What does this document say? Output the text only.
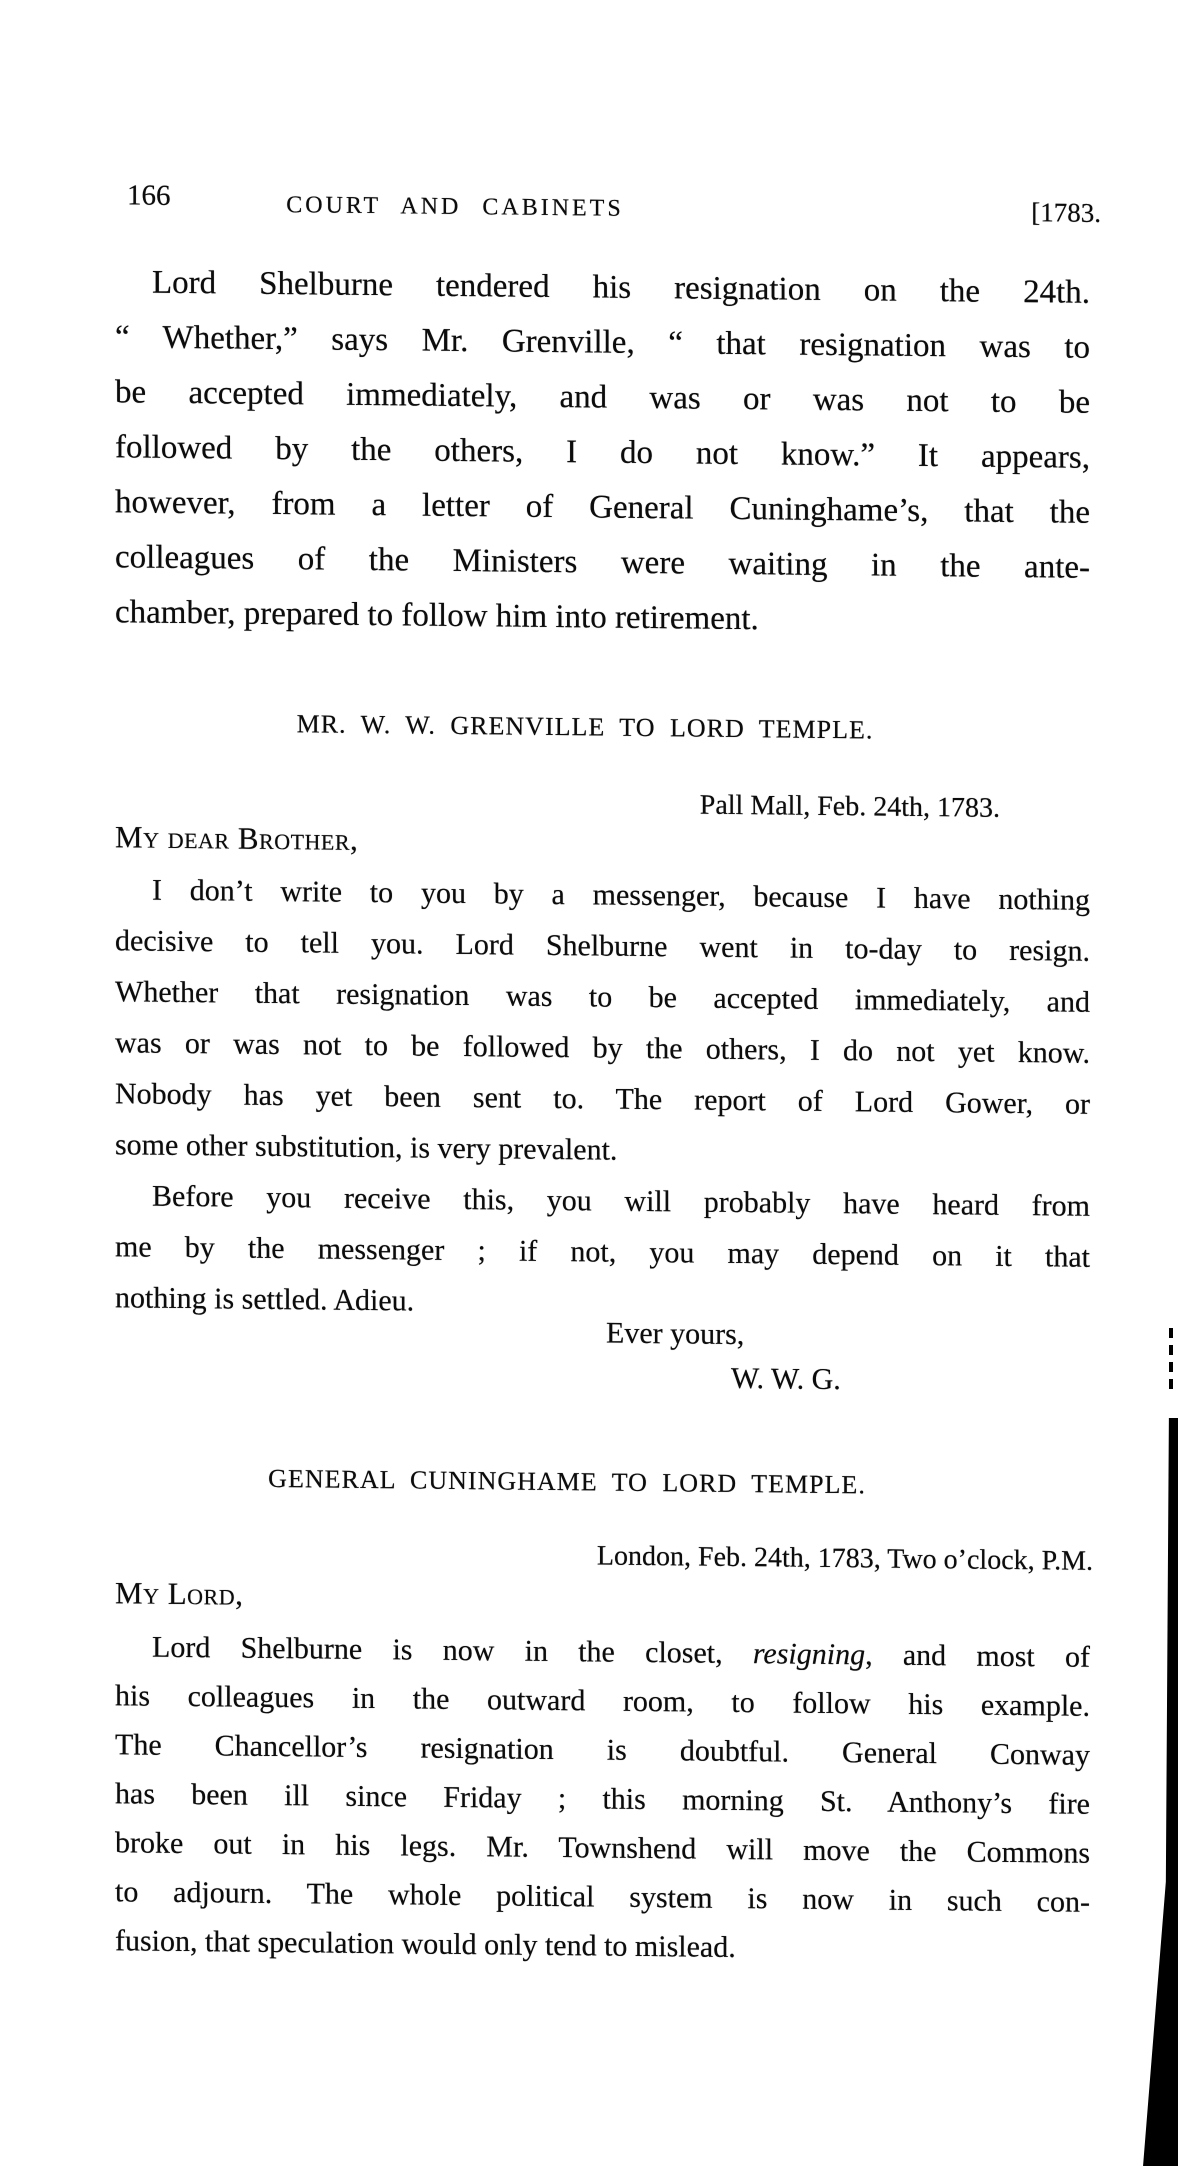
166	COURT AND CABINETS	[1783.
Lord Shelburne tendered his resignation on the 24th.
“ Whether,” says Mr. Grenville, “ that resignation was to
be accepted immediately, and was or was not to be
followed by the others, I do not know.” It appears,
however, from a letter of General Cuninghame’s, that the
colleagues of the Ministers were waiting in the ante-
chamber, prepared to follow him into retirement.
MR. W. W. GRENVILLE TO LORD TEMPLE.
Pall Mall, Feb. 24th, 1783.
My dear Brother,
I don’t write to you by a messenger, because I have nothing
decisive to tell you. Lord Shelburne went in to-day to resign.
Whether that resignation was to be accepted immediately, and
was or was not to be followed by the others, I do not yet know.
Nobody has yet been sent to. The report of Lord Gower, or
some other substitution, is very prevalent.
Before you receive this, you will probably have heard from
me by the messenger ; if not, you may depend on it that
nothing is settled. Adieu.
Ever yours,
W. W. G.
GENERAL CUNINGHAME TO LORD TEMPLE.
London, Feb. 24th, 1783, Two o’clock, P.M.
My Lord,
Lord Shelburne is now in the closet, resigning, and most of
his colleagues in the outward room, to follow his example.
The Chancellor’s resignation is doubtful. General Conway
has been ill since Friday ; this morning St. Anthony’s fire
broke out in his legs. Mr. Townshend will move the Commons
to adjourn. The whole political system is now in such con-
fusion, that speculation would only tend to mislead.
